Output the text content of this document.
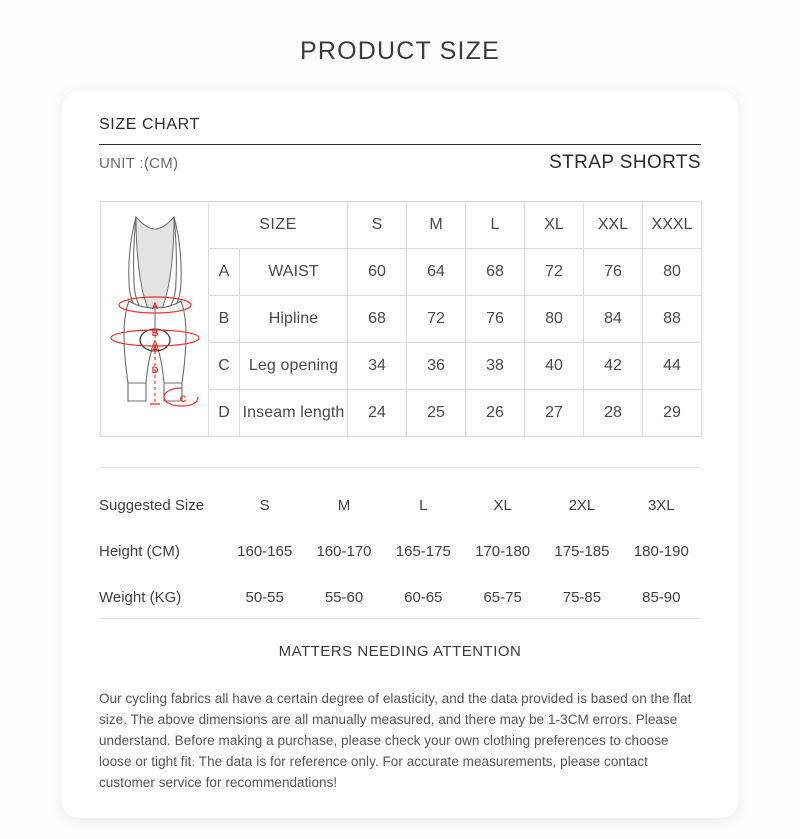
PRODUCT SIZE
SIZE CHART
UNIT :(CM)	STRAP SHORTS
A
B
A
D
C	SIZE		S	M	L	XL	XXL	XXXL
	A	WAIST	60	64	68	72	76	80
	B	Hipline	68	72	76	80	84	88
	C	Leg opening	34	36	38	40	42	44
	D	Inseam length	24	25	26	27	28	29
Suggested Size	S	M	L	XL	2XL	3XL
Height (CM)	160-165	160-170	165-175	170-180	175-185	180-190
Weight (KG)	50-55	55-60	60-65	65-75	75-85	85-90
MATTERS NEEDING ATTENTION
Our cycling fabrics all have a certain degree of elasticity, and the data provided is based on the flat size. The above dimensions are all manually measured, and there may be 1-3CM errors. Please understand. Before making a purchase, please check your own clothing preferences to choose loose or tight fit. The data is for reference only. For accurate measurements, please contact customer service for recommendations!
